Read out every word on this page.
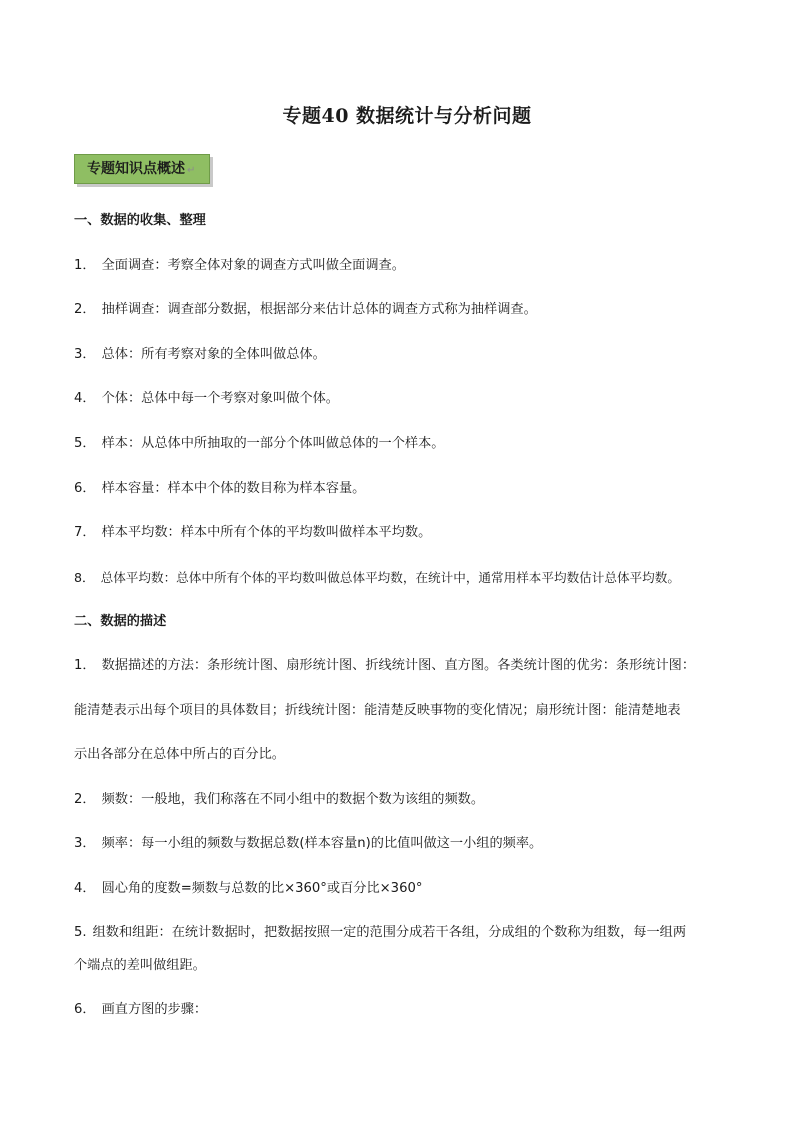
专题40 数据统计与分析问题
专题知识点概述 ↵
一、数据的收集、整理
1． 全面调查：考察全体对象的调查方式叫做全面调查。
2． 抽样调查：调查部分数据，根据部分来估计总体的调查方式称为抽样调查。
3． 总体：所有考察对象的全体叫做总体。
4． 个体：总体中每一个考察对象叫做个体。
5． 样本：从总体中所抽取的一部分个体叫做总体的一个样本。
6． 样本容量：样本中个体的数目称为样本容量。
7． 样本平均数：样本中所有个体的平均数叫做样本平均数。
8． 总体平均数：总体中所有个体的平均数叫做总体平均数，在统计中，通常用样本平均数估计总体平均数。
二、数据的描述
1． 数据描述的方法：条形统计图、扇形统计图、折线统计图、直方图。各类统计图的优劣：条形统计图：
能清楚表示出每个项目的具体数目；折线统计图：能清楚反映事物的变化情况；扇形统计图：能清楚地表
示出各部分在总体中所占的百分比。
2． 频数：一般地，我们称落在不同小组中的数据个数为该组的频数。
3． 频率：每一小组的频数与数据总数(样本容量n)的比值叫做这一小组的频率。
4． 圆心角的度数=频数与总数的比×360°或百分比×360°
5. 组数和组距：在统计数据时，把数据按照一定的范围分成若干各组，分成组的个数称为组数，每一组两
个端点的差叫做组距。
6． 画直方图的步骤：
